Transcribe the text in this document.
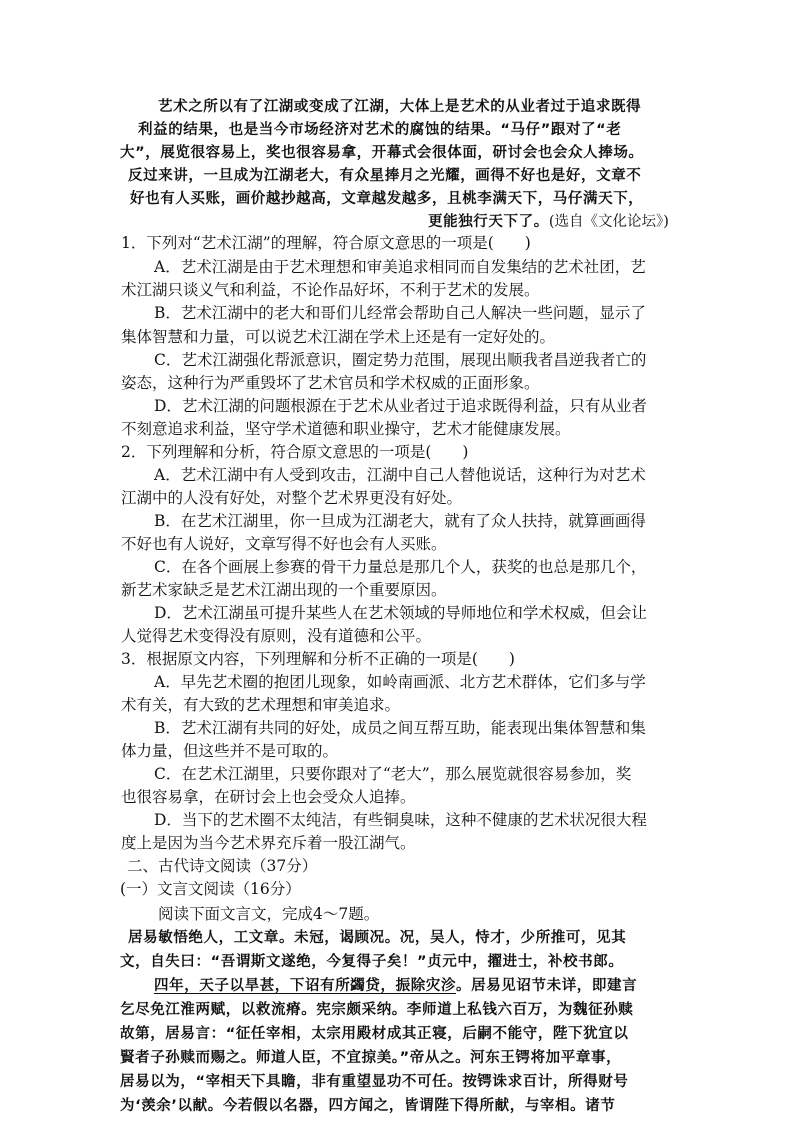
艺术之所以有了江湖或变成了江湖，大体上是艺术的从业者过于追求既得
利益的结果，也是当今市场经济对艺术的腐蚀的结果。“马仔”跟对了“老
大”，展览很容易上，奖也很容易拿，开幕式会很体面，研讨会也会众人捧场。
反过来讲，一旦成为江湖老大，有众星捧月之光耀，画得不好也是好，文章不
好也有人买账，画价越抄越高，文章越发越多，且桃李满天下，马仔满天下，
更能独行天下了。(选自《文化论坛》)
1．下列对“艺术江湖”的理解，符合原文意思的一项是(　　)
A．艺术江湖是由于艺术理想和审美追求相同而自发集结的艺术社团，艺
术江湖只谈义气和利益，不论作品好坏，不利于艺术的发展。
B．艺术江湖中的老大和哥们儿经常会帮助自己人解决一些问题，显示了
集体智慧和力量，可以说艺术江湖在学术上还是有一定好处的。
C．艺术江湖强化帮派意识，圈定势力范围，展现出顺我者昌逆我者亡的
姿态，这种行为严重毁坏了艺术官员和学术权威的正面形象。
D．艺术江湖的问题根源在于艺术从业者过于追求既得利益，只有从业者
不刻意追求利益，坚守学术道德和职业操守，艺术才能健康发展。
2．下列理解和分析，符合原文意思的一项是(　　)
A．艺术江湖中有人受到攻击，江湖中自己人替他说话，这种行为对艺术
江湖中的人没有好处，对整个艺术界更没有好处。
B．在艺术江湖里，你一旦成为江湖老大，就有了众人扶持，就算画画得
不好也有人说好，文章写得不好也会有人买账。
C．在各个画展上参赛的骨干力量总是那几个人，获奖的也总是那几个，
新艺术家缺乏是艺术江湖出现的一个重要原因。
D．艺术江湖虽可提升某些人在艺术领域的导师地位和学术权威，但会让
人觉得艺术变得没有原则，没有道德和公平。
3．根据原文内容，下列理解和分析不正确的一项是(　　)
A．早先艺术圈的抱团儿现象，如岭南画派、北方艺术群体，它们多与学
术有关，有大致的艺术理想和审美追求。
B．艺术江湖有共同的好处，成员之间互帮互助，能表现出集体智慧和集
体力量，但这些并不是可取的。
C．在艺术江湖里，只要你跟对了“老大”，那么展览就很容易参加，奖
也很容易拿，在研讨会上也会受众人追捧。
D．当下的艺术圈不太纯洁，有些铜臭味，这种不健康的艺术状况很大程
度上是因为当今艺术界充斥着一股江湖气。
二、古代诗文阅读（37分）
(一）文言文阅读（16分）
阅读下面文言文，完成4～7题。
居易敏悟绝人，工文章。未冠，谒顾况。况，吴人，恃才，少所推可，见其
文，自失曰：“吾谓斯文遂绝，今复得子矣！”贞元中，擢进士，补校书郎。
四年，天子以旱甚，下诏有所蠲贷，振除灾沴。居易见诏节未详，即建言
乞尽免江淮两赋，以救流瘠。宪宗颇采纳。李师道上私钱六百万，为魏征孙赎
故第，居易言：“征任宰相，太宗用殿材成其正寝，后嗣不能守，陛下犹宜以
賢者子孙赎而赐之。师道人臣，不宜掠美。”帝从之。河东王锷将加平章事，
居易以为，“宰相天下具瞻，非有重望显功不可任。按锷诛求百计，所得财号
为‘羡余’以献。今若假以名器，四方闻之，皆谓陛下得所献，与宰相。诸节
